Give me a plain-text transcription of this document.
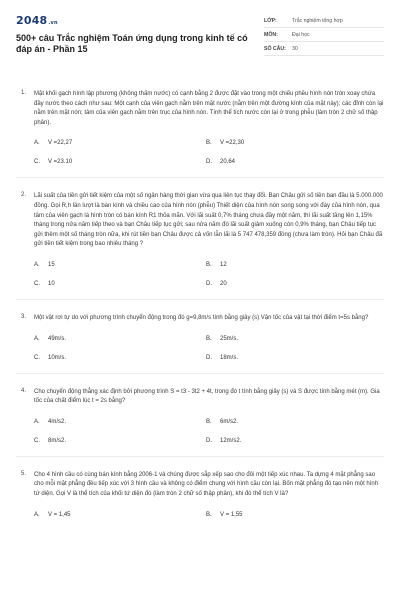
2048 .vn
500+ câu Trắc nghiệm Toán ứng dụng trong kinh tế có đáp án - Phần 15
LỚP:	Trắc nghiệm tổng hợp
MÔN:	Đại học
SỐ CÂU:	30
1. Mặt khối gạch hình lập phương (không thấm nước) có cạnh bằng 2 được đặt vào trong một chiếu phều hình nón tròn xoay chứa đầy nước theo cách như sau: Một cạnh của viên gạch nằm trên mặt nước (nằm trên một đường kính của mặt này); các đỉnh còn lại nằm trên mặt nón; tâm của viên gạch nằm trên trục của hình nón. Tính thể tích nước còn lại ở trong phễu (làm tròn 2 chữ số thập phân).
A.	V =22,27	B.	V =22,30
C.	V =23.10	D.	20,64
2. Lãi suất của tiền gửi tiết kiệm của một số ngân hàng thời gian vừa qua liên tục thay đổi. Bạn Châu gửi số tiền ban đầu là 5.000.000 đồng. Gọi R,h lần lượt là bán kính và chiều cao của hình nón (phễu) Thiết diện của hình nón song song với đáy của hình nón, qua tâm của viên gạch là hình tròn có bán kính R1 thỏa mãn. Với lãi suất 0,7% tháng chưa đầy một năm, thì lãi suất tăng lên 1,15% tháng trong nửa năm tiếp theo và bạn Châu tiếp tục gửi; sau nửa năm đó lãi suất giảm xuống còn 0,9% tháng, bạn Châu tiếp tục gửi thêm một số tháng tròn nữa, khi rút tiền bạn Châu được cả vốn lẫn lãi là 5 747 478,359 đồng (chưa làm tròn). Hỏi bạn Châu đã gửi tiền tiết kiệm trong bao nhiêu tháng ?
A.	15	B.	12
C.	10	D.	20
3. Một vật rơi tự do với phương trình chuyển động trong đó g=9,8m/s tính bằng giây (s) Vận tốc của vật tại thời điểm t=5s bằng?
A.	49m/s.	B.	25m/s.
C.	10m/s.	D.	18m/s.
4. Cho chuyển động thẳng xác định bởi phương trình S = t3 - 3t2 + 4t, trong đó t tính bằng giây (s) và S được tính bằng mét (m). Gia tốc của chất điểm lúc t = 2s bằng?
A.	4m/s2.	B.	6m/s2.
C.	8m/s2.	D.	12m/s2.
5. Cho 4 hình cầu có cùng bán kính bằng 2006-1 và chúng được sắp xếp sao cho đôi một tiếp xúc nhau. Ta dựng 4 mặt phẳng sao cho mỗi mặt phẳng đều tiếp xúc với 3 hình cầu và không có điểm chung với hình cầu còn lại. Bốn mặt phẳng đó tạo nên một hình tứ diện. Gọi V là thể tích của khối tứ diện đó (làm tròn 2 chữ số thập phân), khi đó thể tích V là?
A.	V = 1,45	B.	V = 1,55
